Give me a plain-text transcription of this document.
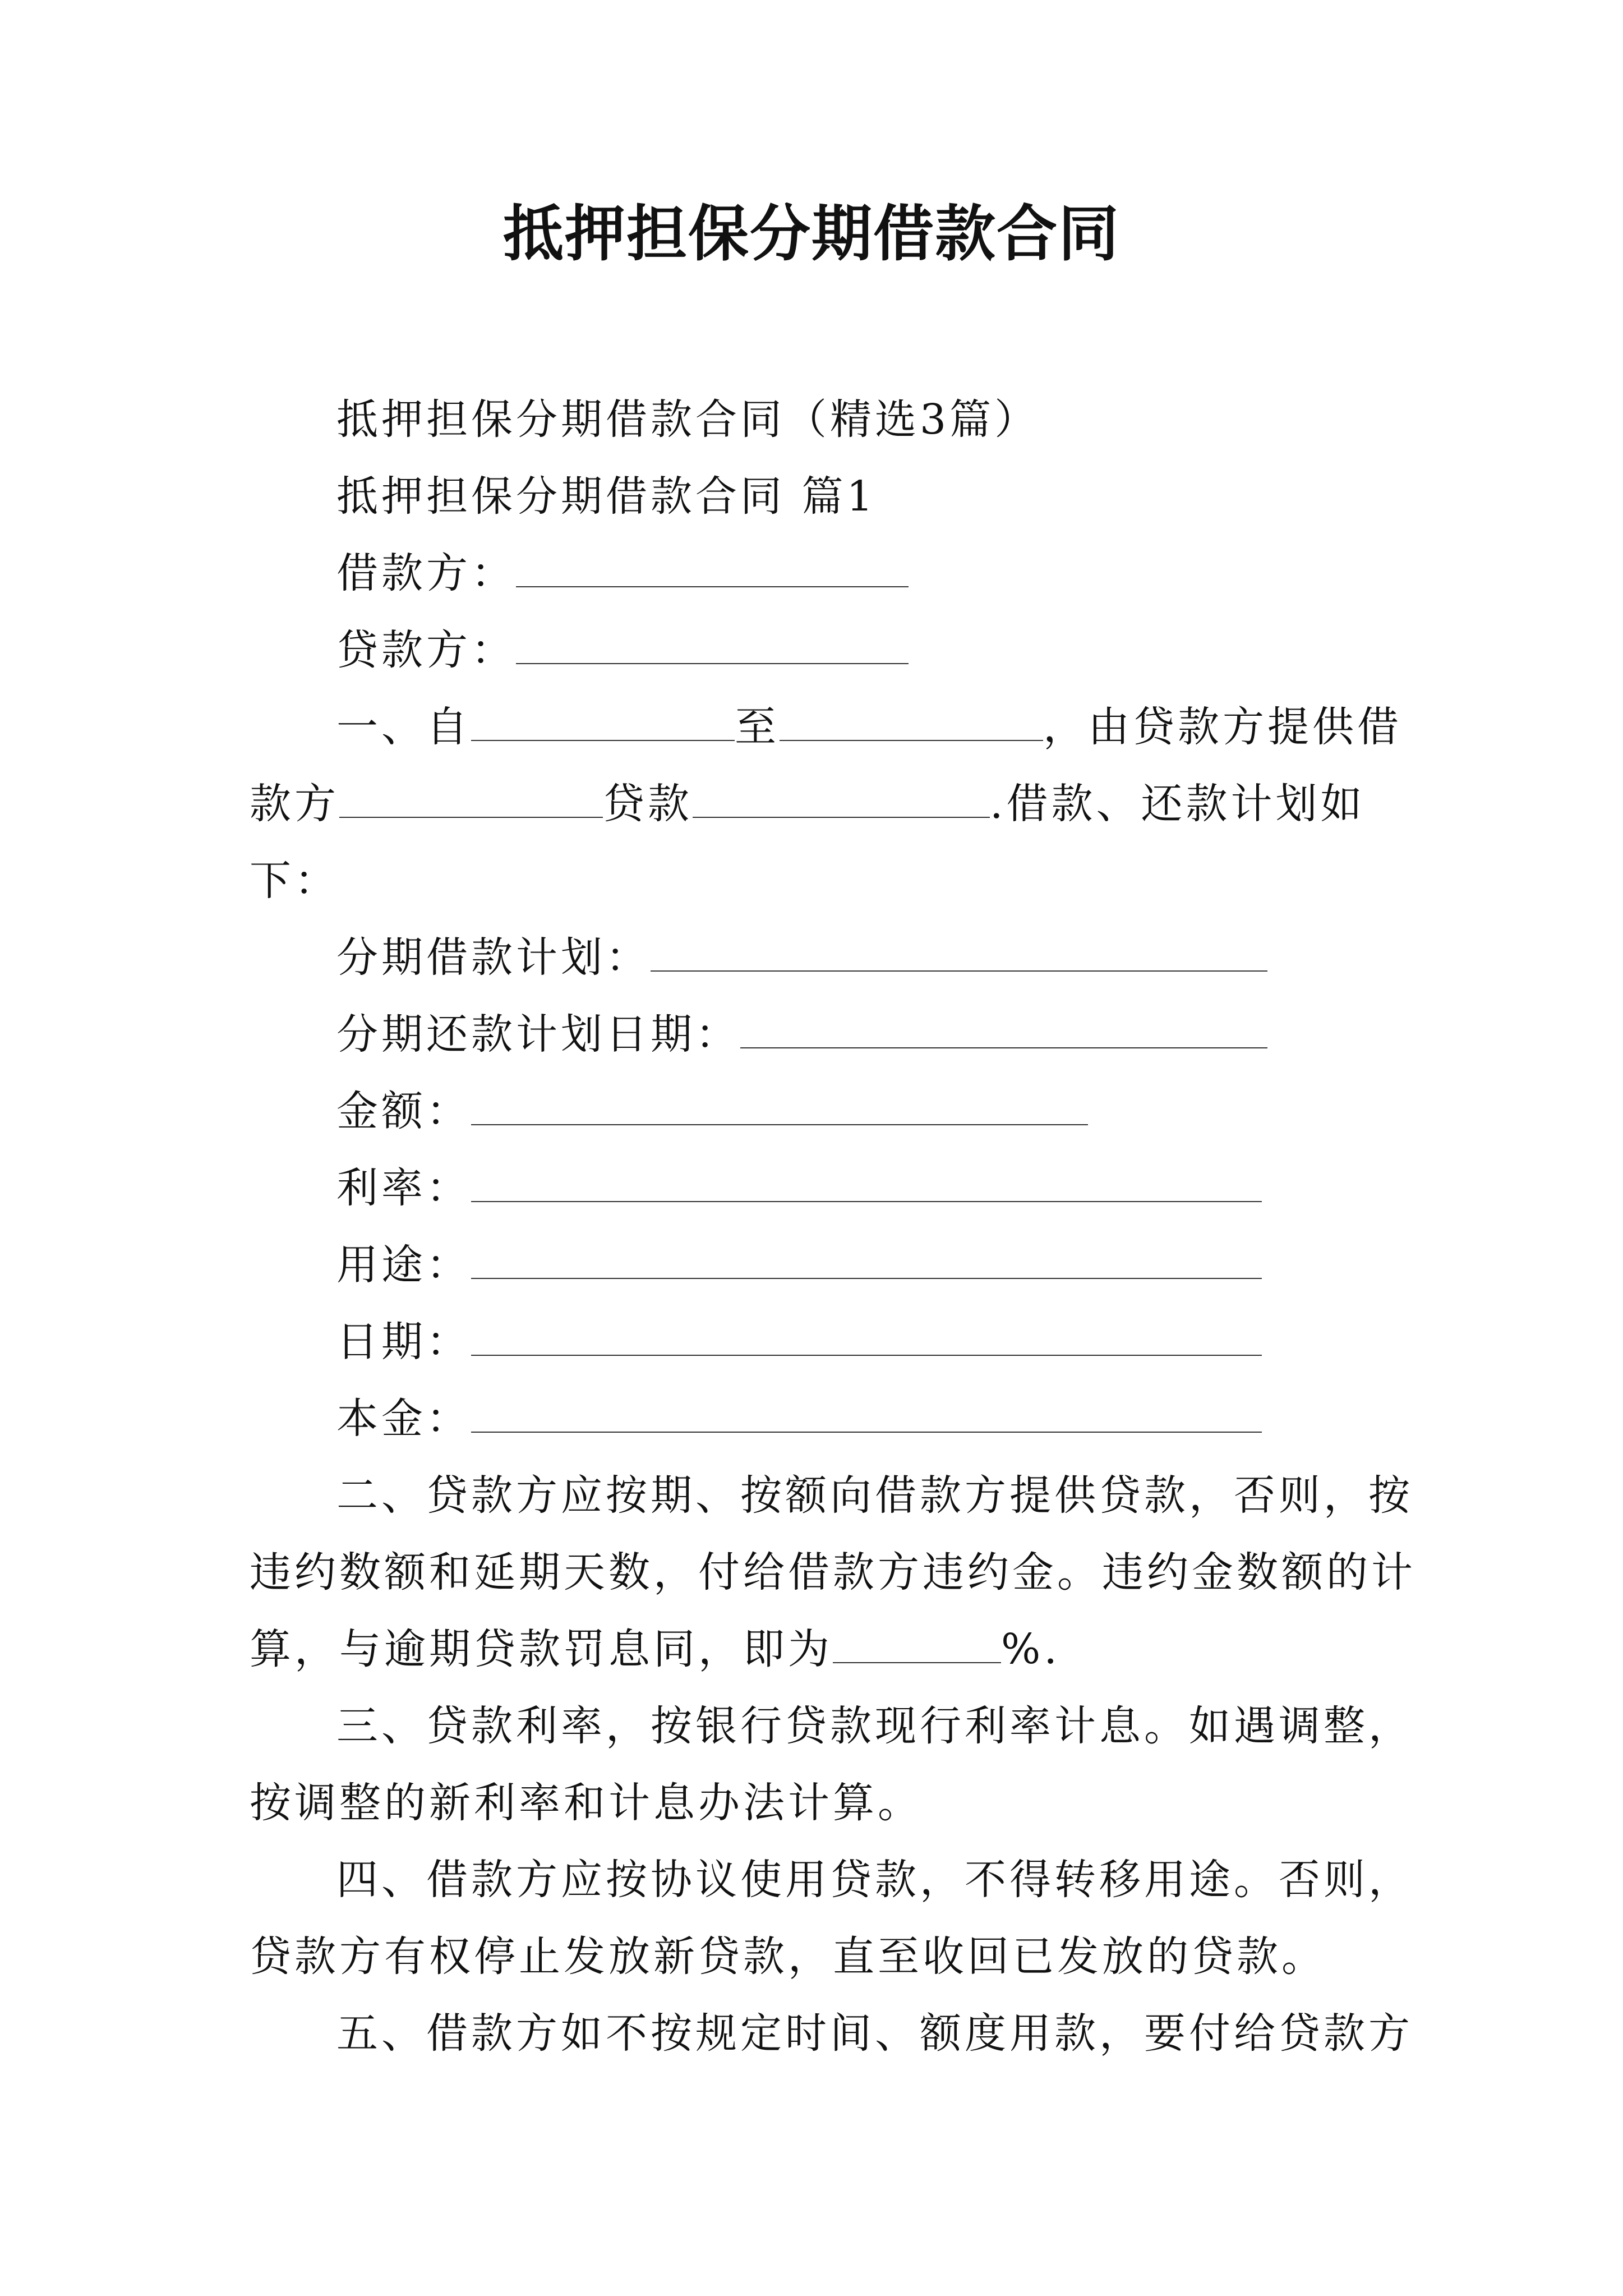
抵押担保分期借款合同
抵押担保分期借款合同（精选3篇）
抵押担保分期借款合同 篇1
借款方：
贷款方：
一、自	至	，由贷款方提供借
款方	贷款	.借款、还款计划如
下：
分期借款计划：
分期还款计划日期：
金额：
利率：
用途：
日期：
本金：
二、贷款方应按期、按额向借款方提供贷款，否则，按
违约数额和延期天数，付给借款方违约金。违约金数额的计
算，与逾期贷款罚息同，即为	%.
三、贷款利率，按银行贷款现行利率计息。如遇调整，
按调整的新利率和计息办法计算。
四、借款方应按协议使用贷款，不得转移用途。否则，
贷款方有权停止发放新贷款，直至收回已发放的贷款。
五、借款方如不按规定时间、额度用款，要付给贷款方
